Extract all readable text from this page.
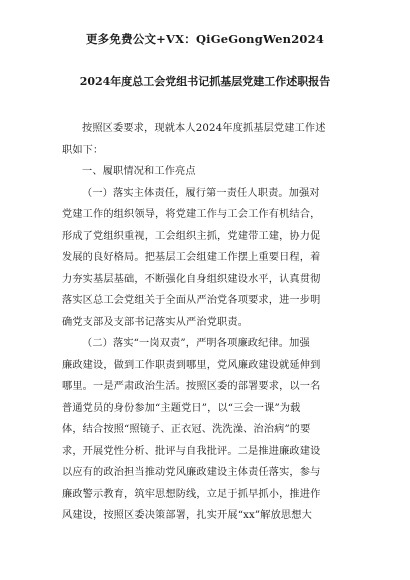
更多免费公文+VX：QiGeGongWen2024
2024年度总工会党组书记抓基层党建工作述职报告
按照区委要求，现就本人2024年度抓基层党建工作述
职如下：
一、履职情况和工作亮点
（一）落实主体责任，履行第一责任人职责。加强对
党建工作的组织领导，将党建工作与工会工作有机结合，
形成了党组织重视，工会组织主抓，党建带工建，协力促
发展的良好格局。把基层工会组建工作摆上重要日程，着
力夯实基层基础，不断强化自身组织建设水平，认真贯彻
落实区总工会党组关于全面从严治党各项要求，进一步明
确党支部及支部书记落实从严治党职责。
（二）落实“一岗双责”，严明各项廉政纪律。加强
廉政建设，做到工作职责到哪里，党风廉政建设就延伸到
哪里。一是严肃政治生活。按照区委的部署要求，以一名
普通党员的身份参加“主题党日”，以“三会一课”为载
体，结合按照“照镜子、正衣冠、洗洗澡、治治病”的要
求，开展党性分析、批评与自我批评。二是推进廉政建设
以应有的政治担当推动党风廉政建设主体责任落实，参与
廉政警示教育，筑牢思想防线，立足于抓早抓小，推进作
风建设，按照区委决策部署，扎实开展“xx”解放思想大
